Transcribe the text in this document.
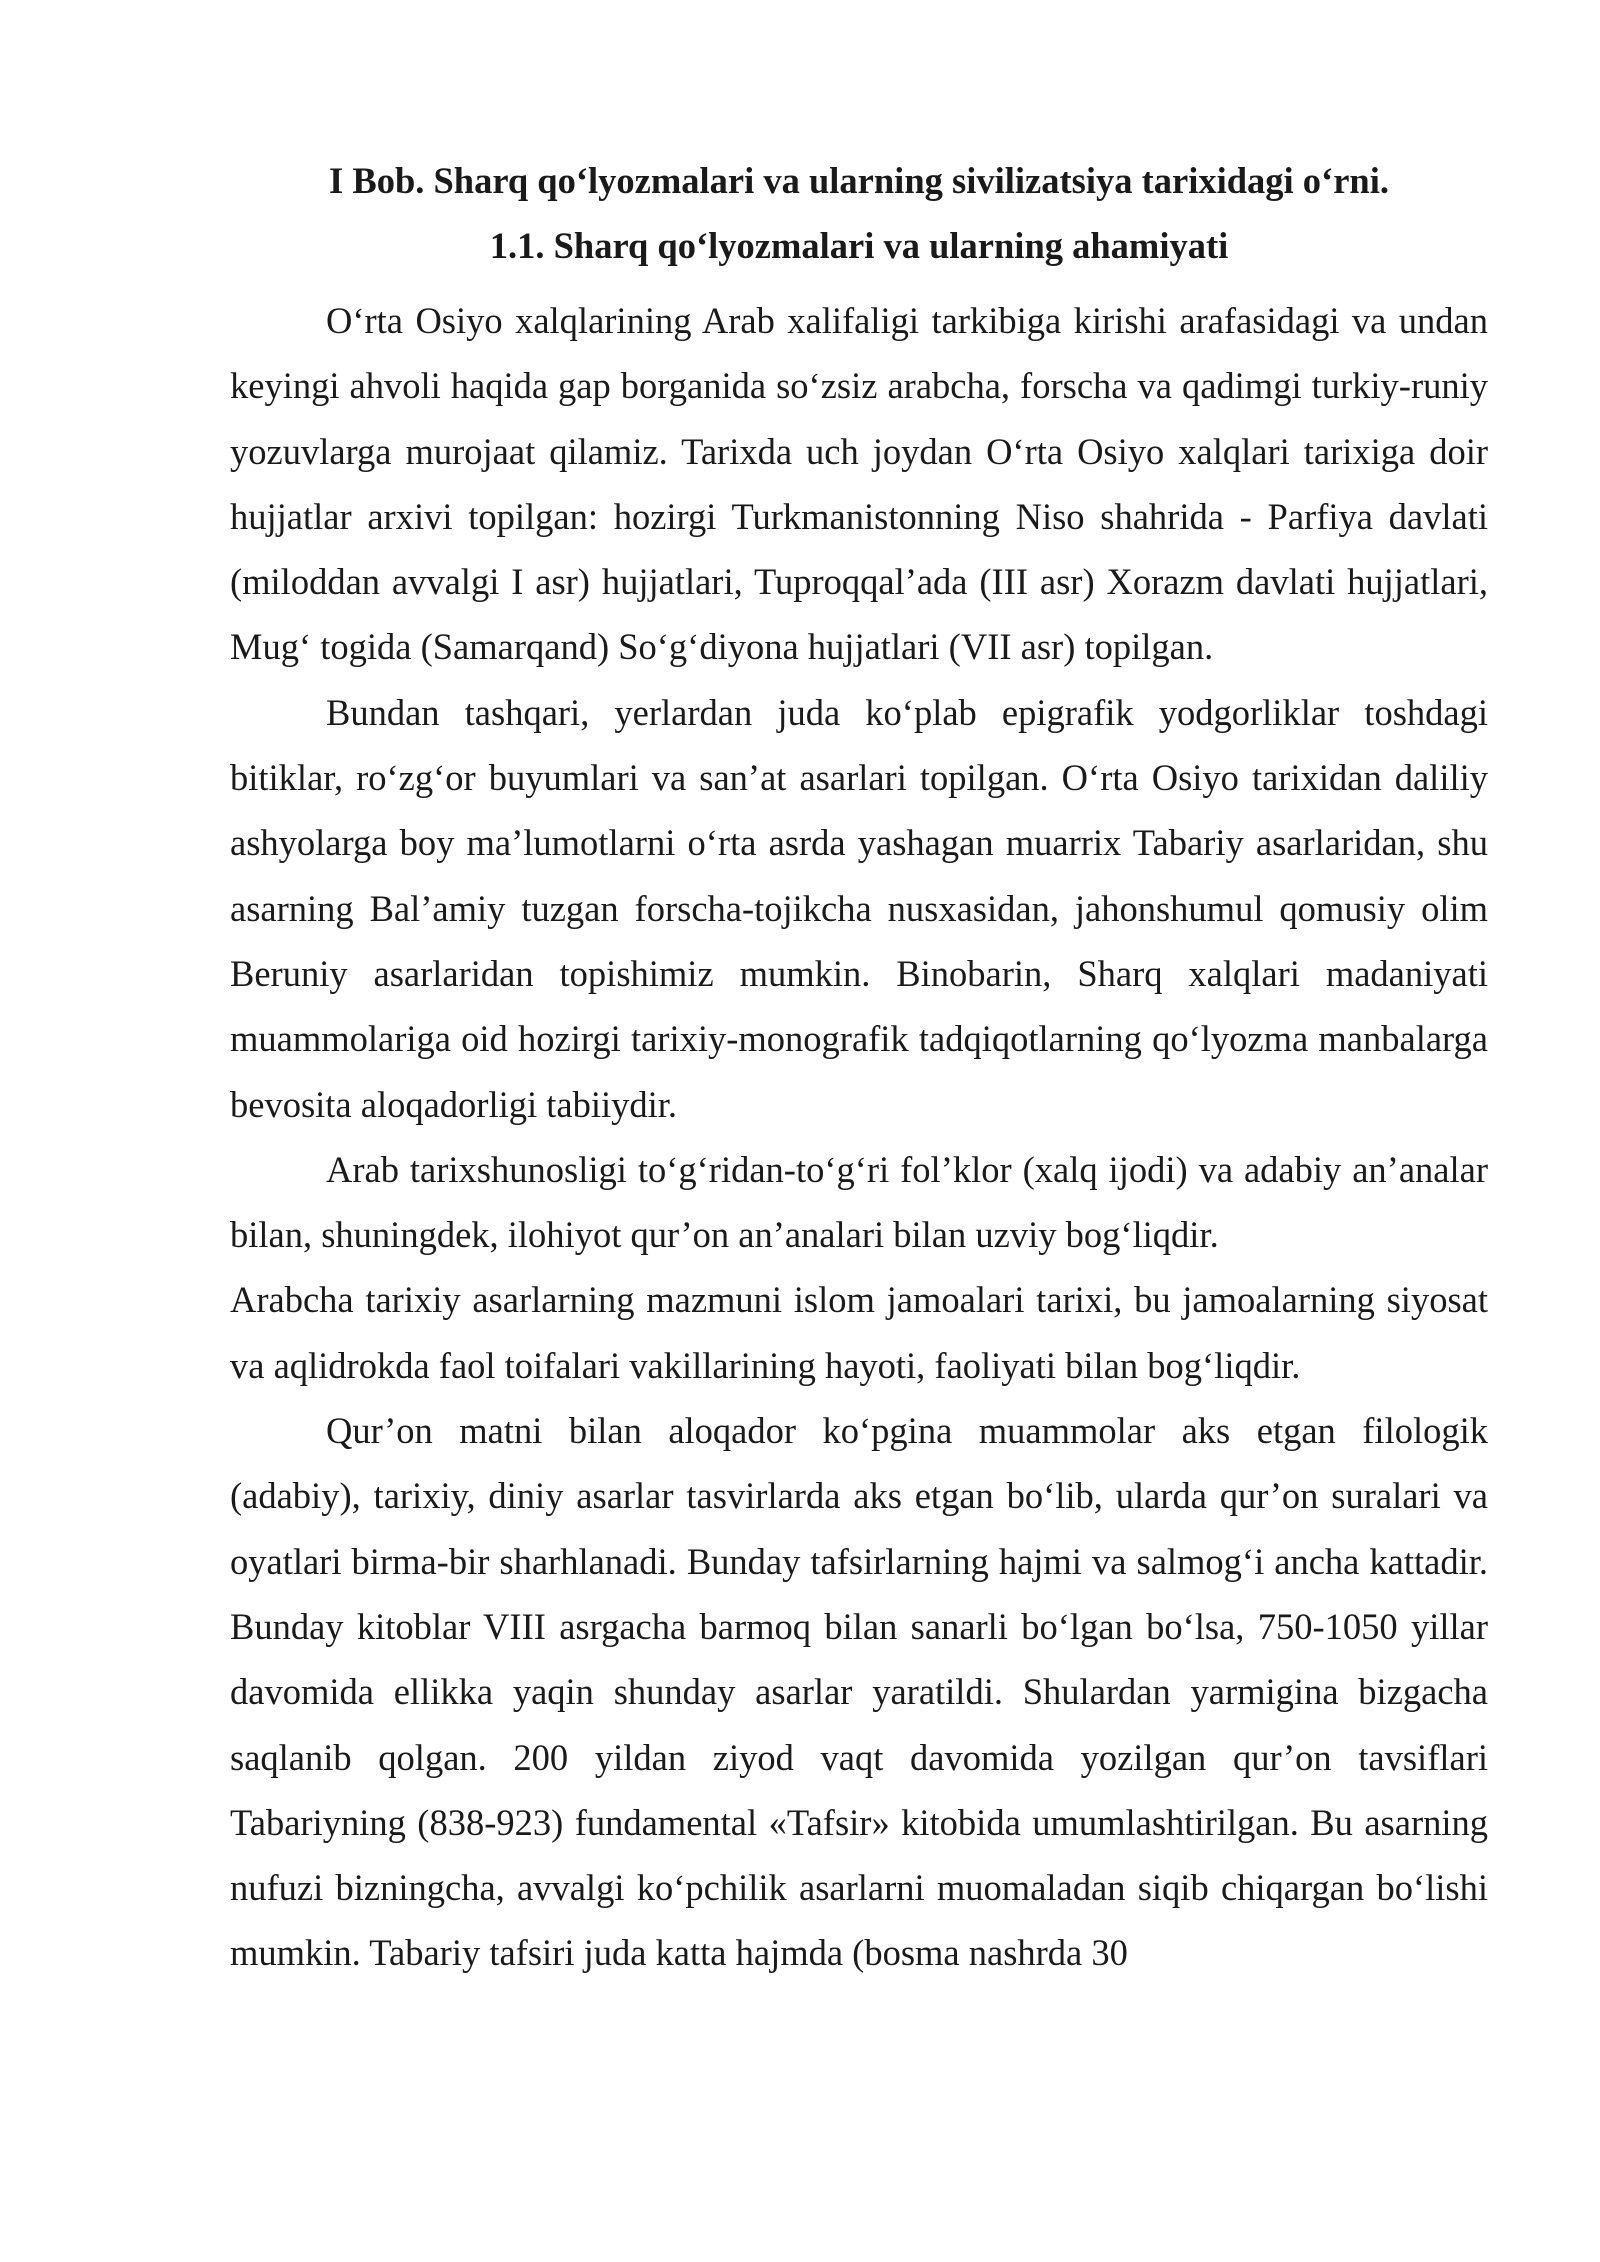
I Bob. Sharq qo‘lyozmalari va ularning sivilizatsiya tarixidagi o‘rni.
1.1. Sharq qo‘lyozmalari va ularning ahamiyati

O‘rta Osiyo xalqlarining Arab xalifaligi tarkibiga kirishi arafasidagi va undan keyingi ahvoli haqida gap borganida so‘zsiz arabcha, forscha va qadimgi turkiy-runiy yozuvlarga murojaat qilamiz. Tarixda uch joydan O‘rta Osiyo xalqlari tarixiga doir hujjatlar arxivi topilgan: hozirgi Turkmanistonning Niso shahrida - Parfiya davlati (miloddan avvalgi I asr) hujjatlari, Tuproqqal’ada (III asr) Xorazm davlati hujjatlari, Mug‘ togida (Samarqand) So‘g‘diyona hujjatlari (VII asr) topilgan.

Bundan tashqari, yerlardan juda ko‘plab epigrafik yodgorliklar toshdagi bitiklar, ro‘zg‘or buyumlari va san’at asarlari topilgan. O‘rta Osiyo tarixidan daliliy ashyolarga boy ma’lumotlarni o‘rta asrda yashagan muarrix Tabariy asarlaridan, shu asarning Bal’amiy tuzgan forscha-tojikcha nusxasidan, jahonshumul qomusiy olim Beruniy asarlaridan topishimiz mumkin. Binobarin, Sharq xalqlari madaniyati muammolariga oid hozirgi tarixiy-monografik tadqiqotlarning qo‘lyozma manbalarga bevosita aloqadorligi tabiiydir.

Arab tarixshunosligi to‘g‘ridan-to‘g‘ri fol’klor (xalq ijodi) va adabiy an’analar bilan, shuningdek, ilohiyot qur’on an’analari bilan uzviy bog‘liqdir.

Arabcha tarixiy asarlarning mazmuni islom jamoalari tarixi, bu jamoalarning siyosat va aqlidrokda faol toifalari vakillarining hayoti, faoliyati bilan bog‘liqdir.

Qur’on matni bilan aloqador ko‘pgina muammolar aks etgan filologik (adabiy), tarixiy, diniy asarlar tasvirlarda aks etgan bo‘lib, ularda qur’on suralari va oyatlari birma-bir sharhlanadi. Bunday tafsirlarning hajmi va salmog‘i ancha kattadir. Bunday kitoblar VIII asrgacha barmoq bilan sanarli bo‘lgan bo‘lsa, 750-1050 yillar davomida ellikka yaqin shunday asarlar yaratildi. Shulardan yarmigina bizgacha saqlanib qolgan. 200 yildan ziyod vaqt davomida yozilgan qur’on tavsiflari Tabariyning (838-923) fundamental «Tafsir» kitobida umumlashtirilgan. Bu asarning nufuzi bizningcha, avvalgi ko‘pchilik asarlarni muomaladan siqib chiqargan bo‘lishi mumkin. Tabariy tafsiri juda katta hajmda (bosma nashrda 30
